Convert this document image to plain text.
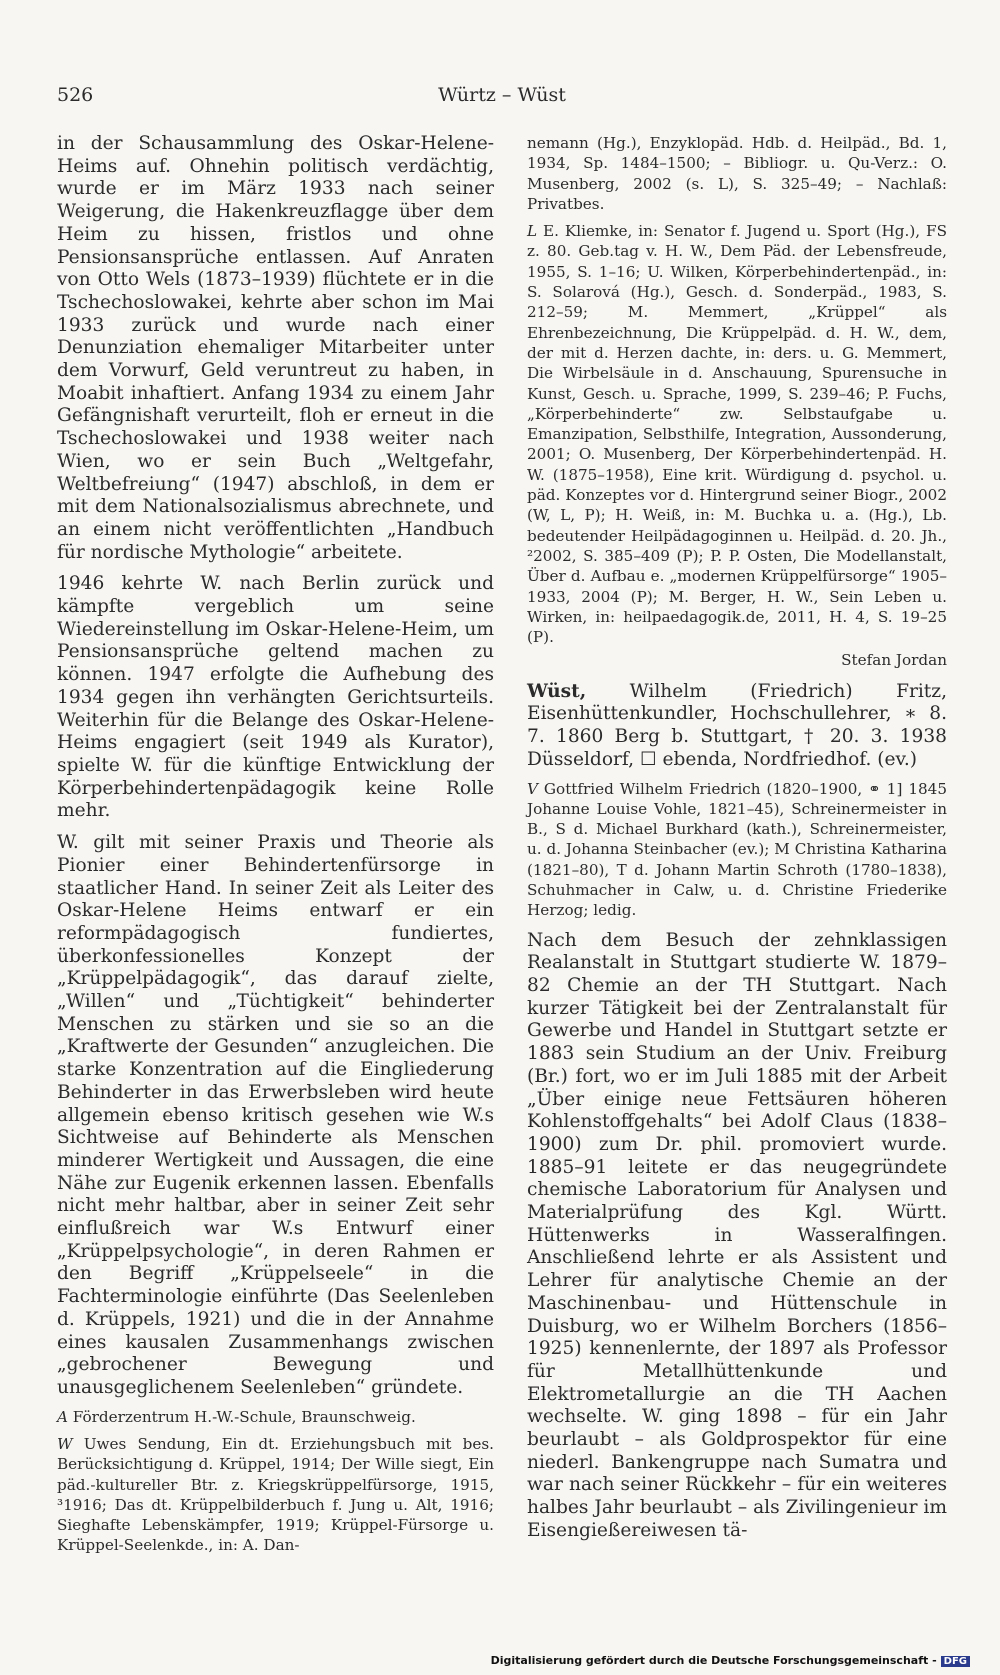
526	Würtz – Wüst

in der Schausammlung des Oskar-Helene-Heims auf. Ohnehin politisch verdächtig, wurde er im März 1933 nach seiner Weigerung, die Hakenkreuzflagge über dem Heim zu hissen, fristlos und ohne Pensionsansprüche entlassen. Auf Anraten von Otto Wels (1873–1939) flüchtete er in die Tschechoslowakei, kehrte aber schon im Mai 1933 zurück und wurde nach einer Denunziation ehemaliger Mitarbeiter unter dem Vorwurf, Geld veruntreut zu haben, in Moabit inhaftiert. Anfang 1934 zu einem Jahr Gefängnishaft verurteilt, floh er erneut in die Tschechoslowakei und 1938 weiter nach Wien, wo er sein Buch „Weltgefahr, Weltbefreiung“ (1947) abschloß, in dem er mit dem Nationalsozialismus abrechnete, und an einem nicht veröffentlichten „Handbuch für nordische Mythologie“ arbeitete.

1946 kehrte W. nach Berlin zurück und kämpfte vergeblich um seine Wiedereinstellung im Oskar-Helene-Heim, um Pensionsansprüche geltend machen zu können. 1947 erfolgte die Aufhebung des 1934 gegen ihn verhängten Gerichtsurteils. Weiterhin für die Belange des Oskar-Helene-Heims engagiert (seit 1949 als Kurator), spielte W. für die künftige Entwicklung der Körperbehindertenpädagogik keine Rolle mehr.

W. gilt mit seiner Praxis und Theorie als Pionier einer Behindertenfürsorge in staatlicher Hand. In seiner Zeit als Leiter des Oskar-Helene Heims entwarf er ein reformpädagogisch fundiertes, überkonfessionelles Konzept der „Krüppelpädagogik“, das darauf zielte, „Willen“ und „Tüchtigkeit“ behinderter Menschen zu stärken und sie so an die „Kraftwerte der Gesunden“ anzugleichen. Die starke Konzentration auf die Eingliederung Behinderter in das Erwerbsleben wird heute allgemein ebenso kritisch gesehen wie W.s Sichtweise auf Behinderte als Menschen minderer Wertigkeit und Aussagen, die eine Nähe zur Eugenik erkennen lassen. Ebenfalls nicht mehr haltbar, aber in seiner Zeit sehr einflußreich war W.s Entwurf einer „Krüppelpsychologie“, in deren Rahmen er den Begriff „Krüppelseele“ in die Fachterminologie einführte (Das Seelenleben d. Krüppels, 1921) und die in der Annahme eines kausalen Zusammenhangs zwischen „gebrochener Bewegung und unausgeglichenem Seelenleben“ gründete.

A Förderzentrum H.-W.-Schule, Braunschweig.

W Uwes Sendung, Ein dt. Erziehungsbuch mit bes. Berücksichtigung d. Krüppel, 1914; Der Wille siegt, Ein päd.-kultureller Btr. z. Kriegskrüppelfürsorge, 1915, ³1916; Das dt. Krüppelbilderbuch f. Jung u. Alt, 1916; Sieghafte Lebenskämpfer, 1919; Krüppel-Fürsorge u. Krüppel-Seelenkde., in: A. Dan-

nemann (Hg.), Enzyklopäd. Hdb. d. Heilpäd., Bd. 1, 1934, Sp. 1484–1500; – Bibliogr. u. Qu-Verz.: O. Musenberg, 2002 (s. L), S. 325–49; – Nachlaß: Privatbes.

L E. Kliemke, in: Senator f. Jugend u. Sport (Hg.), FS z. 80. Geb.tag v. H. W., Dem Päd. der Lebensfreude, 1955, S. 1–16; U. Wilken, Körperbehindertenpäd., in: S. Solarová (Hg.), Gesch. d. Sonderpäd., 1983, S. 212–59; M. Memmert, „Krüppel“ als Ehrenbezeichnung, Die Krüppelpäd. d. H. W., dem, der mit d. Herzen dachte, in: ders. u. G. Memmert, Die Wirbelsäule in d. Anschauung, Spurensuche in Kunst, Gesch. u. Sprache, 1999, S. 239–46; P. Fuchs, „Körperbehinderte“ zw. Selbstaufgabe u. Emanzipation, Selbsthilfe, Integration, Aussonderung, 2001; O. Musenberg, Der Körperbehindertenpäd. H. W. (1875–1958), Eine krit. Würdigung d. psychol. u. päd. Konzeptes vor d. Hintergrund seiner Biogr., 2002 (W, L, P); H. Weiß, in: M. Buchka u. a. (Hg.), Lb. bedeutender Heilpädagoginnen u. Heilpäd. d. 20. Jh., ²2002, S. 385–409 (P); P. P. Osten, Die Modellanstalt, Über d. Aufbau e. „modernen Krüppelfürsorge“ 1905–1933, 2004 (P); M. Berger, H. W., Sein Leben u. Wirken, in: heilpaedagogik.de, 2011, H. 4, S. 19–25 (P).

Stefan Jordan

Wüst, Wilhelm (Friedrich) Fritz, Eisenhüttenkundler, Hochschullehrer, ∗ 8. 7. 1860 Berg b. Stuttgart, † 20. 3. 1938 Düsseldorf, ☐ ebenda, Nordfriedhof. (ev.)

V Gottfried Wilhelm Friedrich (1820–1900, ⚭ 1] 1845 Johanne Louise Vohle, 1821–45), Schreinermeister in B., S d. Michael Burkhard (kath.), Schreinermeister, u. d. Johanna Steinbacher (ev.); M Christina Katharina (1821–80), T d. Johann Martin Schroth (1780–1838), Schuhmacher in Calw, u. d. Christine Friederike Herzog; ledig.

Nach dem Besuch der zehnklassigen Realanstalt in Stuttgart studierte W. 1879–82 Chemie an der TH Stuttgart. Nach kurzer Tätigkeit bei der Zentralanstalt für Gewerbe und Handel in Stuttgart setzte er 1883 sein Studium an der Univ. Freiburg (Br.) fort, wo er im Juli 1885 mit der Arbeit „Über einige neue Fettsäuren höheren Kohlenstoffgehalts“ bei Adolf Claus (1838–1900) zum Dr. phil. promoviert wurde. 1885–91 leitete er das neugegründete chemische Laboratorium für Analysen und Materialprüfung des Kgl. Württ. Hüttenwerks in Wasseralfingen. Anschließend lehrte er als Assistent und Lehrer für analytische Chemie an der Maschinenbau- und Hüttenschule in Duisburg, wo er Wilhelm Borchers (1856–1925) kennenlernte, der 1897 als Professor für Metallhüttenkunde und Elektrometallurgie an die TH Aachen wechselte. W. ging 1898 – für ein Jahr beurlaubt – als Goldprospektor für eine niederl. Bankengruppe nach Sumatra und war nach seiner Rückkehr – für ein weiteres halbes Jahr beurlaubt – als Zivilingenieur im Eisengießereiwesen tä-

Digitalisierung gefördert durch die Deutsche Forschungsgemeinschaft - DFG
